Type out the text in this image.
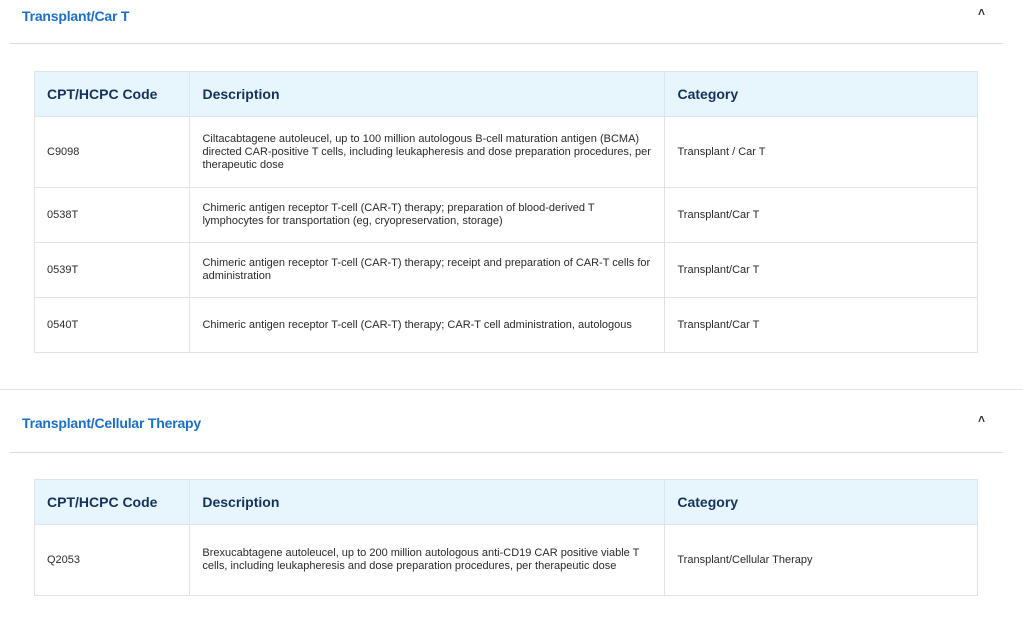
Transplant/Car T	˄
CPT/HCPC Code	Description	Category
C9098	Ciltacabtagene autoleucel, up to 100 million autologous B-cell maturation antigen (BCMA) directed CAR-positive T cells, including leukapheresis and dose preparation procedures, per therapeutic dose	Transplant / Car T
0538T	Chimeric antigen receptor T-cell (CAR-T) therapy; preparation of blood-derived T lymphocytes for transportation (eg, cryopreservation, storage)	Transplant/Car T
0539T	Chimeric antigen receptor T-cell (CAR-T) therapy; receipt and preparation of CAR-T cells for administration	Transplant/Car T
0540T	Chimeric antigen receptor T-cell (CAR-T) therapy; CAR-T cell administration, autologous	Transplant/Car T
Transplant/Cellular Therapy	˄
CPT/HCPC Code	Description	Category
Q2053	Brexucabtagene autoleucel, up to 200 million autologous anti-CD19 CAR positive viable T cells, including leukapheresis and dose preparation procedures, per therapeutic dose	Transplant/Cellular Therapy
